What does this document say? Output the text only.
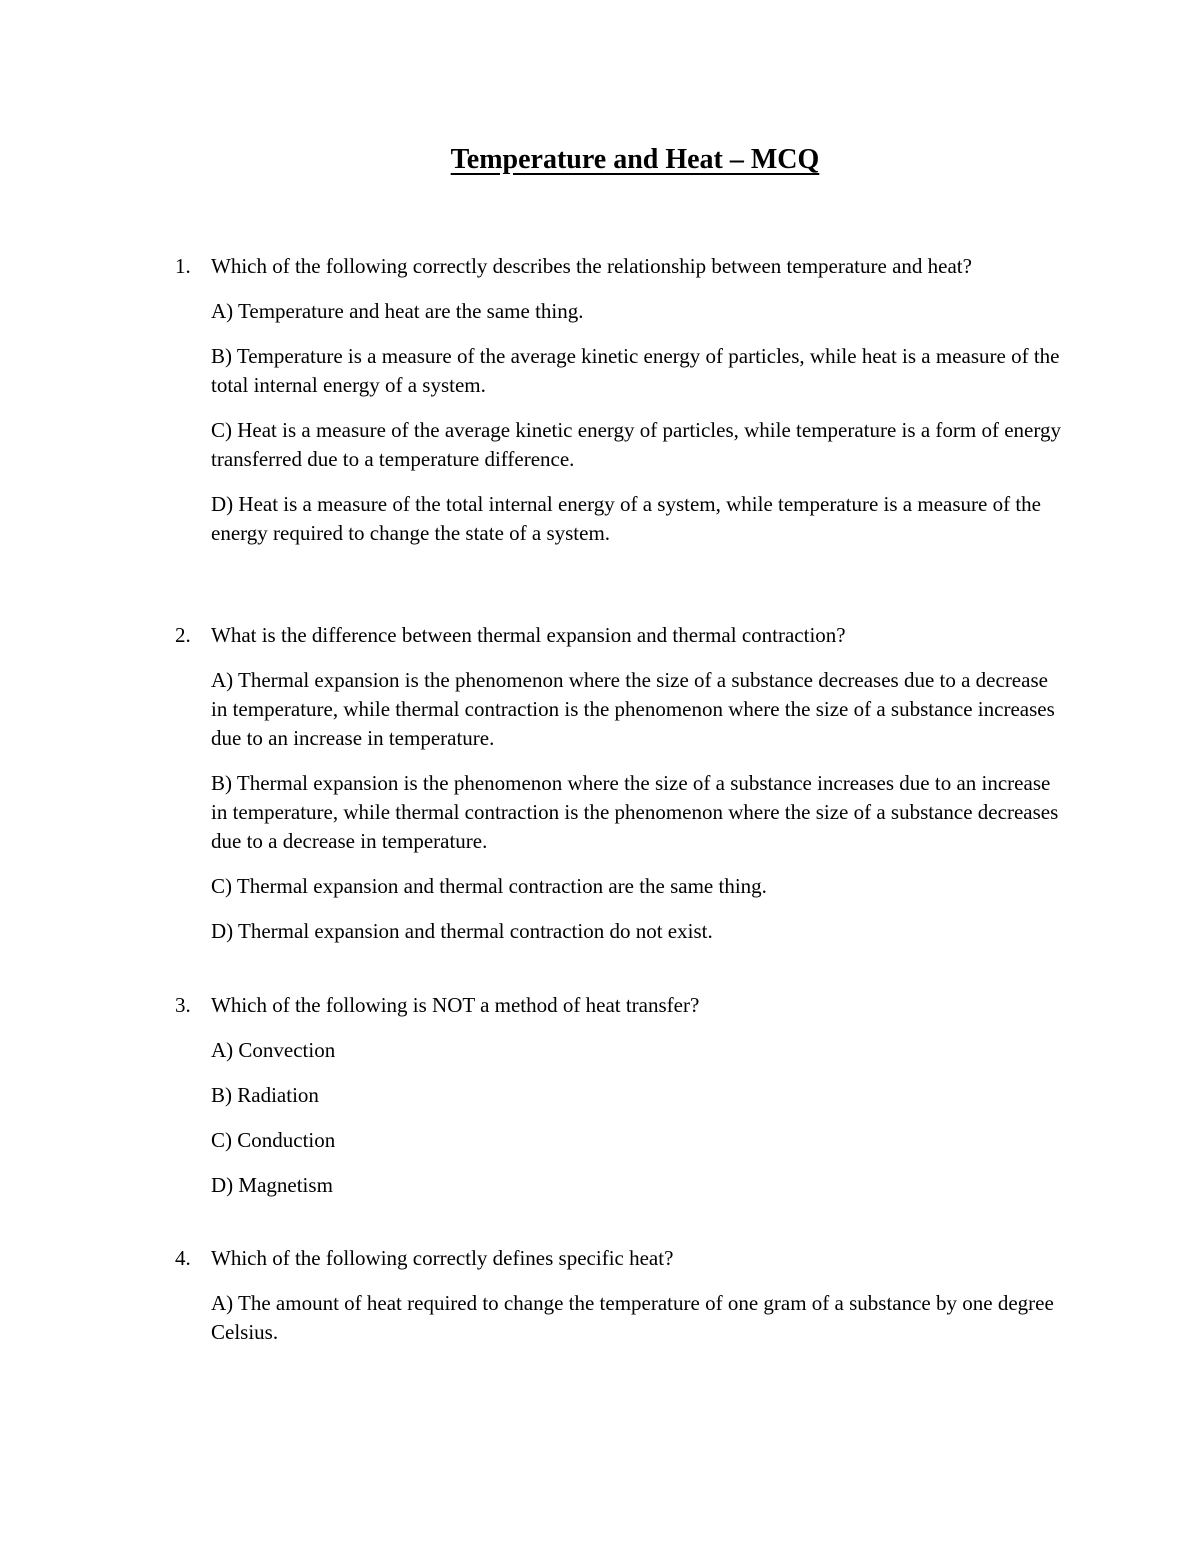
Temperature and Heat – MCQ
1. Which of the following correctly describes the relationship between temperature and heat?
A) Temperature and heat are the same thing.
B) Temperature is a measure of the average kinetic energy of particles, while heat is a measure of the total internal energy of a system.
C) Heat is a measure of the average kinetic energy of particles, while temperature is a form of energy transferred due to a temperature difference.
D) Heat is a measure of the total internal energy of a system, while temperature is a measure of the energy required to change the state of a system.
2. What is the difference between thermal expansion and thermal contraction?
A) Thermal expansion is the phenomenon where the size of a substance decreases due to a decrease in temperature, while thermal contraction is the phenomenon where the size of a substance increases due to an increase in temperature.
B) Thermal expansion is the phenomenon where the size of a substance increases due to an increase in temperature, while thermal contraction is the phenomenon where the size of a substance decreases due to a decrease in temperature.
C) Thermal expansion and thermal contraction are the same thing.
D) Thermal expansion and thermal contraction do not exist.
3. Which of the following is NOT a method of heat transfer?
A) Convection
B) Radiation
C) Conduction
D) Magnetism
4. Which of the following correctly defines specific heat?
A) The amount of heat required to change the temperature of one gram of a substance by one degree Celsius.
